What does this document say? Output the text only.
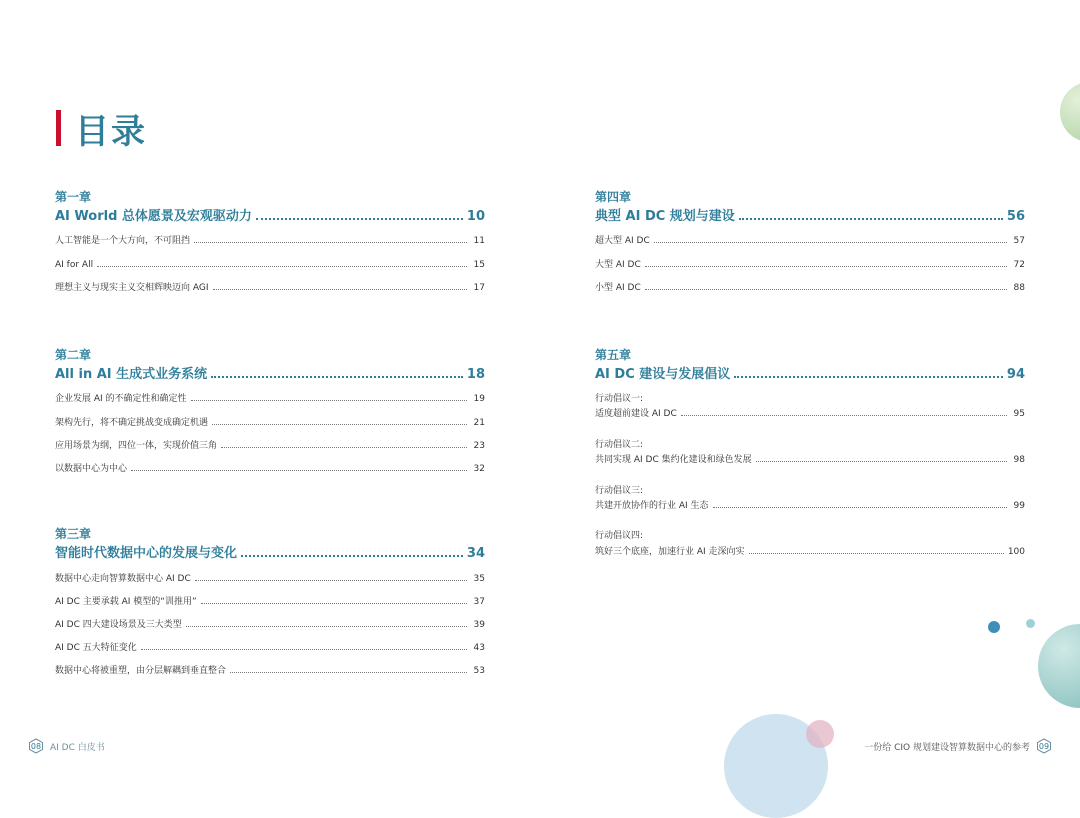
目录
第一章
AI World 总体愿景及宏观驱动力	10
人工智能是一个大方向，不可阻挡	11
AI for All	15
理想主义与现实主义交相辉映迈向 AGI	17
第二章
All in AI 生成式业务系统	18
企业发展 AI 的不确定性和确定性	19
架构先行，将不确定挑战变成确定机遇	21
应用场景为纲，四位一体，实现价值三角	23
以数据中心为中心	32
第三章
智能时代数据中心的发展与变化	34
数据中心走向智算数据中心 AI DC	35
AI DC 主要承载 AI 模型的“训推用”	37
AI DC 四大建设场景及三大类型	39
AI DC 五大特征变化	43
数据中心将被重塑，由分层解耦到垂直整合	53
第四章
典型 AI DC 规划与建设	56
超大型 AI DC	57
大型 AI DC	72
小型 AI DC	88
第五章
AI DC 建设与发展倡议	94
行动倡议一:
适度超前建设 AI DC	95
行动倡议二:
共同实现 AI DC 集约化建设和绿色发展	98
行动倡议三:
共建开放协作的行业 AI 生态	99
行动倡议四:
筑好三个底座，加速行业 AI 走深向实	100
08 AI DC 白皮书	一份给 CIO 规划建设智算数据中心的参考 09
